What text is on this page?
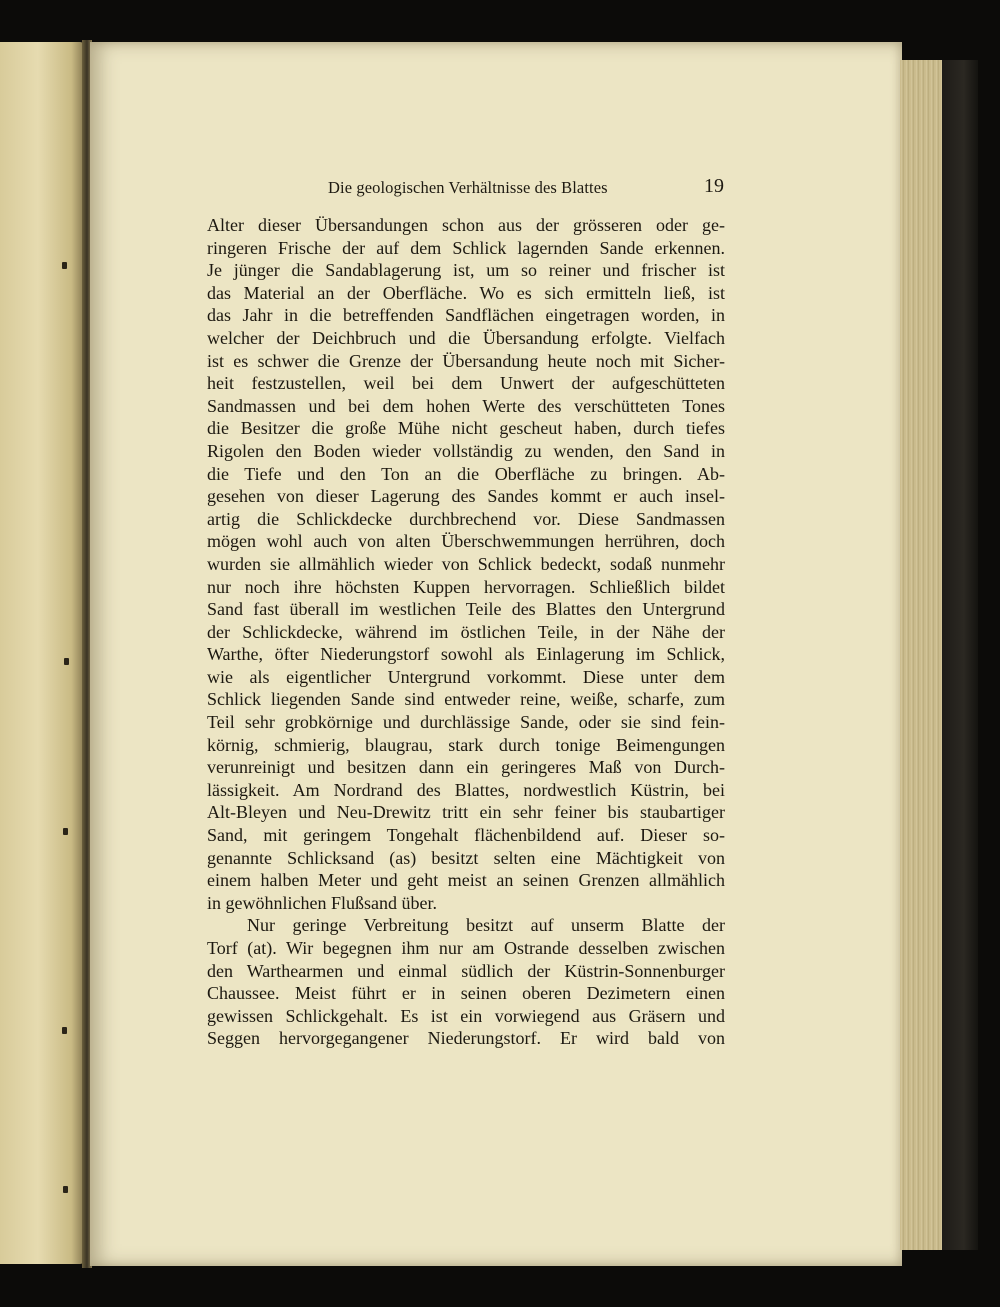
Die geologischen Verhältnisse des Blattes	19
Alter dieser Übersandungen schon aus der grösseren oder ge-
ringeren Frische der auf dem Schlick lagernden Sande erkennen.
Je jünger die Sandablagerung ist, um so reiner und frischer ist
das Material an der Oberfläche. Wo es sich ermitteln ließ, ist
das Jahr in die betreffenden Sandflächen eingetragen worden, in
welcher der Deichbruch und die Übersandung erfolgte. Vielfach
ist es schwer die Grenze der Übersandung heute noch mit Sicher-
heit festzustellen, weil bei dem Unwert der aufgeschütteten
Sandmassen und bei dem hohen Werte des verschütteten Tones
die Besitzer die große Mühe nicht gescheut haben, durch tiefes
Rigolen den Boden wieder vollständig zu wenden, den Sand in
die Tiefe und den Ton an die Oberfläche zu bringen. Ab-
gesehen von dieser Lagerung des Sandes kommt er auch insel-
artig die Schlickdecke durchbrechend vor. Diese Sandmassen
mögen wohl auch von alten Überschwemmungen herrühren, doch
wurden sie allmählich wieder von Schlick bedeckt, sodaß nunmehr
nur noch ihre höchsten Kuppen hervorragen. Schließlich bildet
Sand fast überall im westlichen Teile des Blattes den Untergrund
der Schlickdecke, während im östlichen Teile, in der Nähe der
Warthe, öfter Niederungstorf sowohl als Einlagerung im Schlick,
wie als eigentlicher Untergrund vorkommt. Diese unter dem
Schlick liegenden Sande sind entweder reine, weiße, scharfe, zum
Teil sehr grobkörnige und durchlässige Sande, oder sie sind fein-
körnig, schmierig, blaugrau, stark durch tonige Beimengungen
verunreinigt und besitzen dann ein geringeres Maß von Durch-
lässigkeit. Am Nordrand des Blattes, nordwestlich Küstrin, bei
Alt-Bleyen und Neu-Drewitz tritt ein sehr feiner bis staubartiger
Sand, mit geringem Tongehalt flächenbildend auf. Dieser so-
genannte Schlicksand (as) besitzt selten eine Mächtigkeit von
einem halben Meter und geht meist an seinen Grenzen allmählich
in gewöhnlichen Flußsand über.
Nur geringe Verbreitung besitzt auf unserm Blatte der
Torf (at). Wir begegnen ihm nur am Ostrande desselben zwischen
den Warthearmen und einmal südlich der Küstrin-Sonnenburger
Chaussee. Meist führt er in seinen oberen Dezimetern einen
gewissen Schlickgehalt. Es ist ein vorwiegend aus Gräsern und
Seggen hervorgegangener Niederungstorf. Er wird bald von
